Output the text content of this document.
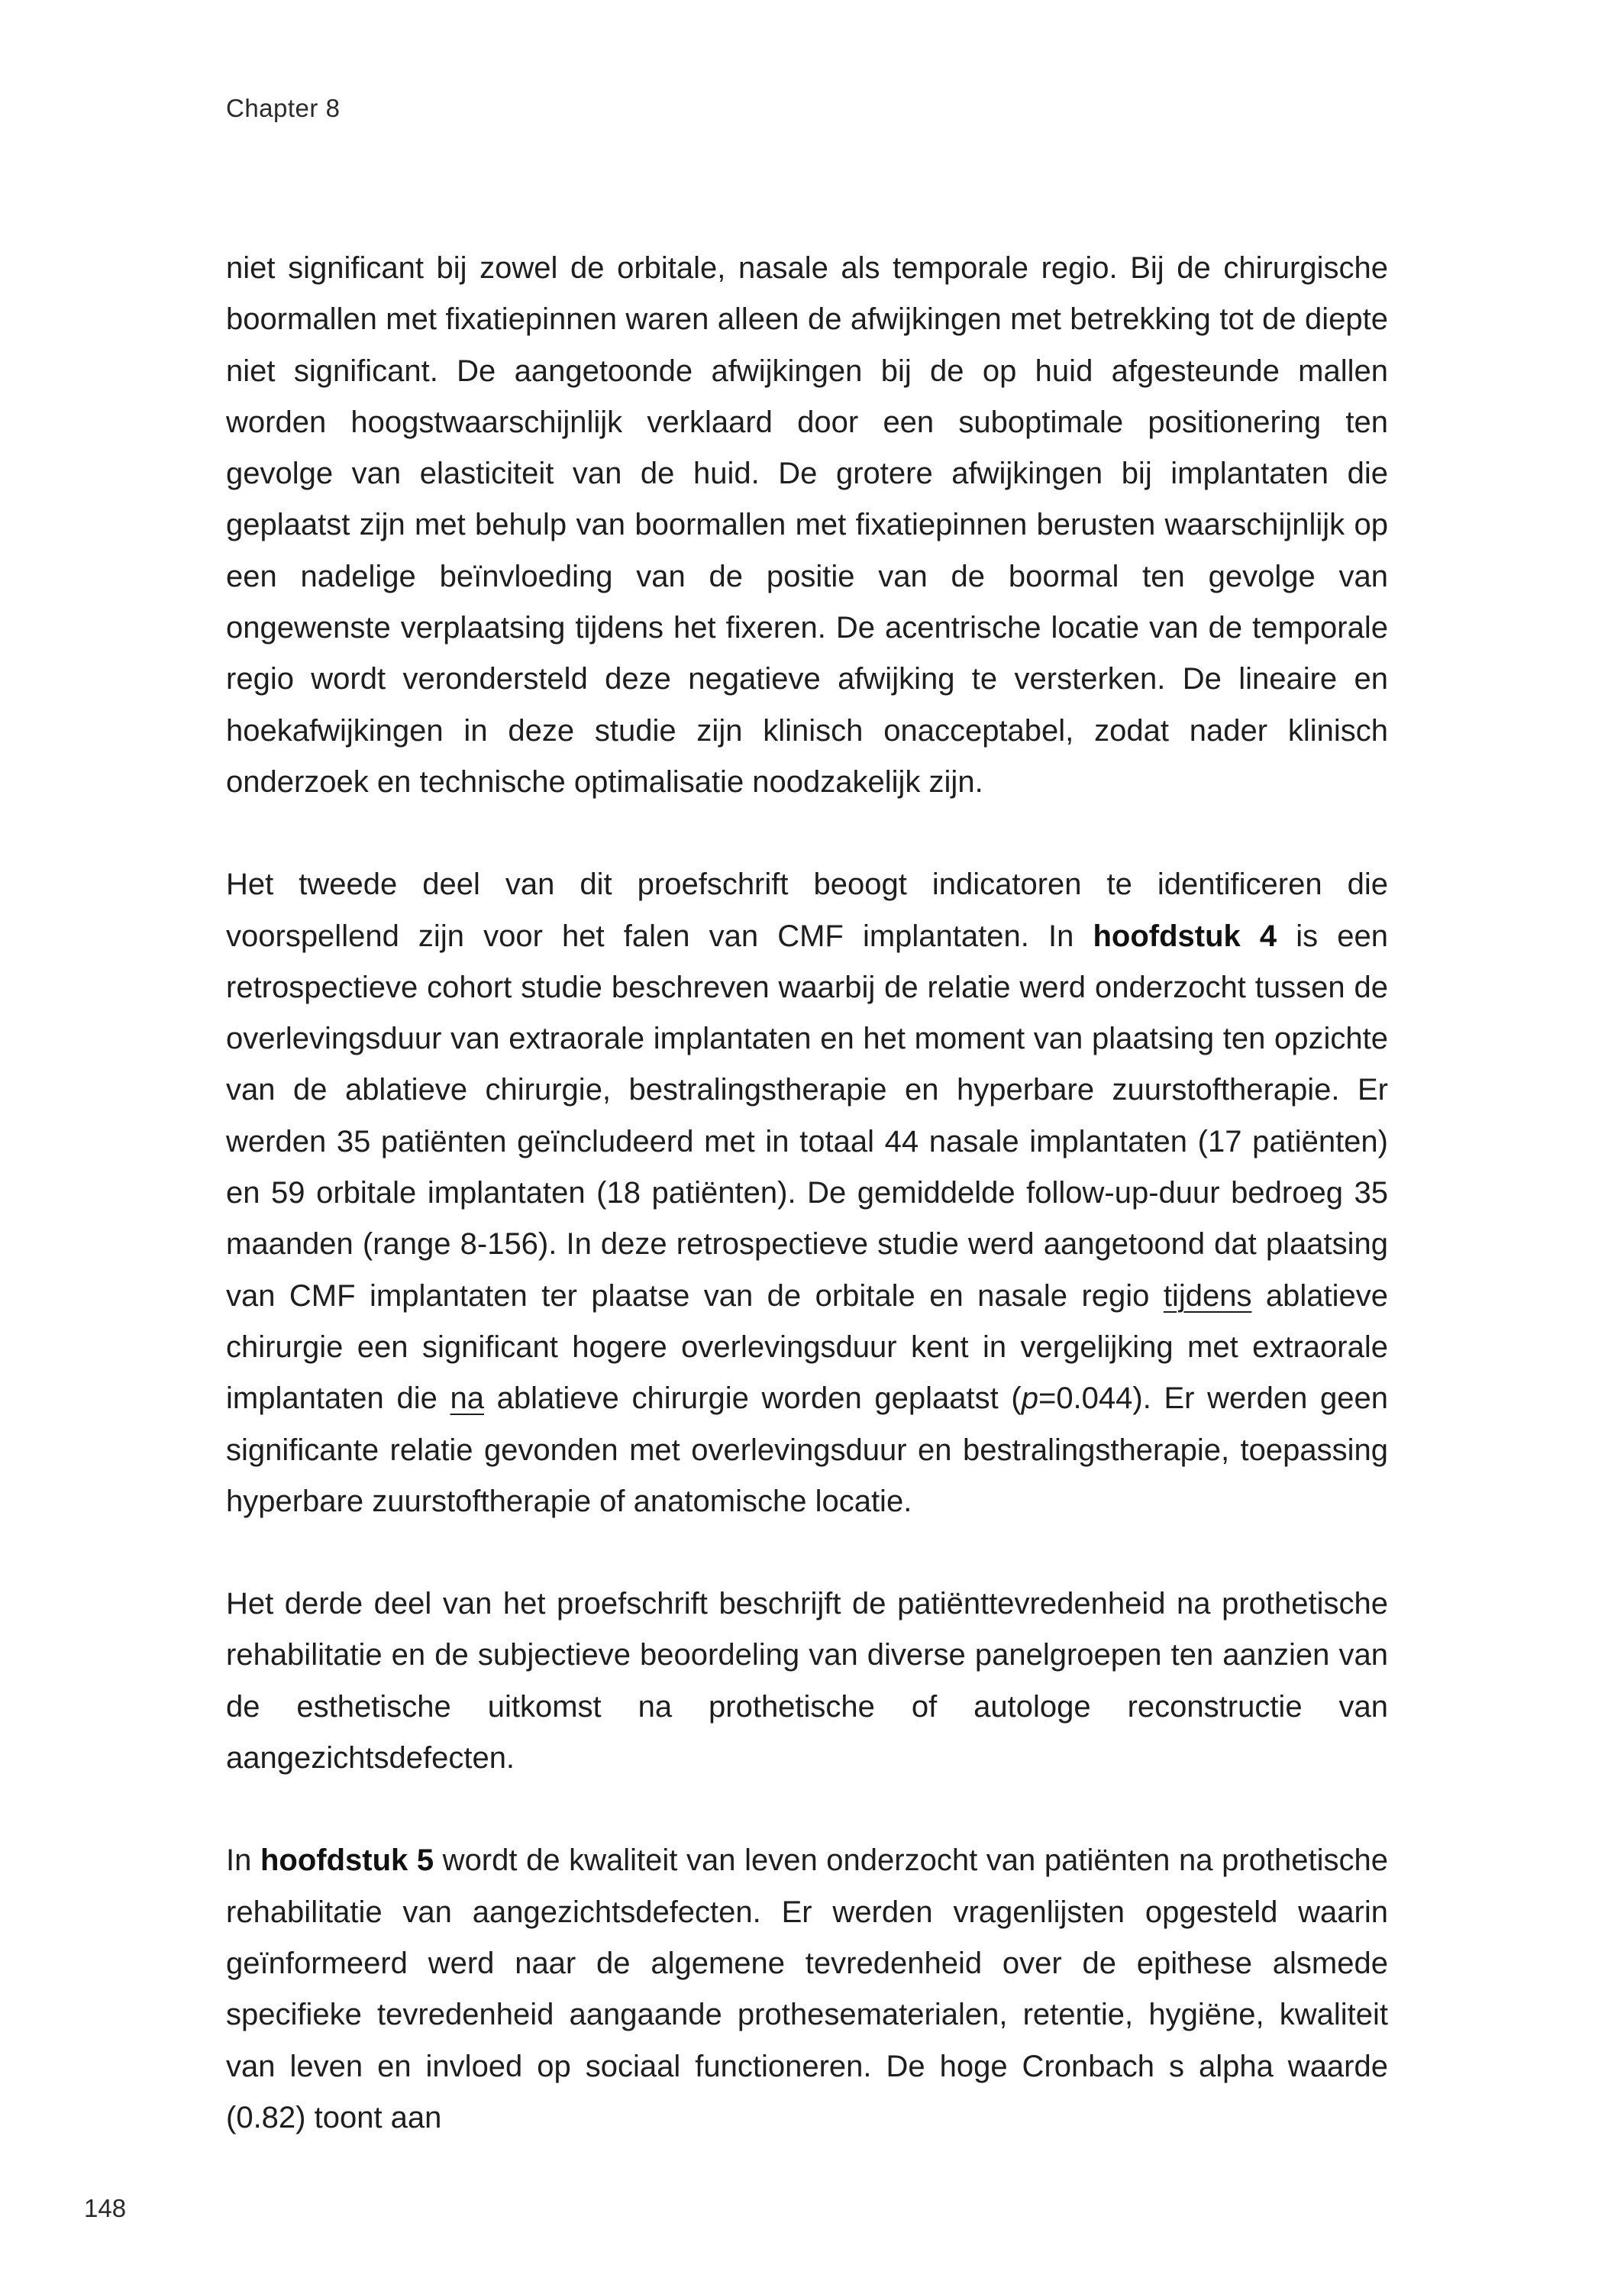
Chapter 8

niet significant bij zowel de orbitale, nasale als temporale regio. Bij de chirurgische boormallen met fixatiepinnen waren alleen de afwijkingen met betrekking tot de diepte niet significant. De aangetoonde afwijkingen bij de op huid afgesteunde mallen worden hoogstwaarschijnlijk verklaard door een suboptimale positionering ten gevolge van elasticiteit van de huid. De grotere afwijkingen bij implantaten die geplaatst zijn met behulp van boormallen met fixatiepinnen berusten waarschijnlijk op een nadelige beïnvloeding van de positie van de boormal ten gevolge van ongewenste verplaatsing tijdens het fixeren. De acentrische locatie van de temporale regio wordt verondersteld deze negatieve afwijking te versterken. De lineaire en hoekafwijkingen in deze studie zijn klinisch onacceptabel, zodat nader klinisch onderzoek en technische optimalisatie noodzakelijk zijn.

Het tweede deel van dit proefschrift beoogt indicatoren te identificeren die voorspellend zijn voor het falen van CMF implantaten. In hoofdstuk 4 is een retrospectieve cohort studie beschreven waarbij de relatie werd onderzocht tussen de overlevingsduur van extraorale implantaten en het moment van plaatsing ten opzichte van de ablatieve chirurgie, bestralingstherapie en hyperbare zuurstoftherapie. Er werden 35 patiënten geïncludeerd met in totaal 44 nasale implantaten (17 patiënten) en 59 orbitale implantaten (18 patiënten). De gemiddelde follow-up-duur bedroeg 35 maanden (range 8-156). In deze retrospectieve studie werd aangetoond dat plaatsing van CMF implantaten ter plaatse van de orbitale en nasale regio tijdens ablatieve chirurgie een significant hogere overlevingsduur kent in vergelijking met extraorale implantaten die na ablatieve chirurgie worden geplaatst (p=0.044). Er werden geen significante relatie gevonden met overlevingsduur en bestralingstherapie, toepassing hyperbare zuurstoftherapie of anatomische locatie.

Het derde deel van het proefschrift beschrijft de patiënttevredenheid na prothetische rehabilitatie en de subjectieve beoordeling van diverse panelgroepen ten aanzien van de esthetische uitkomst na prothetische of autologe reconstructie van aangezichtsdefecten.

In hoofdstuk 5 wordt de kwaliteit van leven onderzocht van patiënten na prothetische rehabilitatie van aangezichtsdefecten. Er werden vragenlijsten opgesteld waarin geïnformeerd werd naar de algemene tevredenheid over de epithese alsmede specifieke tevredenheid aangaande prothesematerialen, retentie, hygiëne, kwaliteit van leven en invloed op sociaal functioneren. De hoge Cronbach s alpha waarde (0.82) toont aan

148
